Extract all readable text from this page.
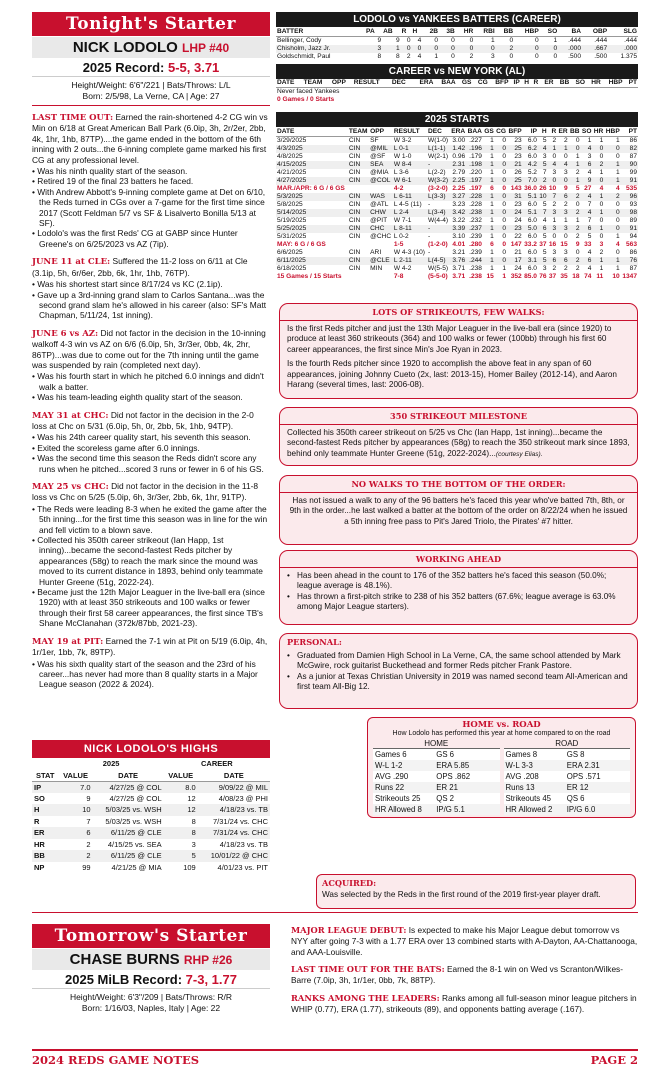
Tonight's Starter
NICK LODOLO LHP #40
2025 Record: 5-5, 3.71
Height/Weight: 6'6"/221 | Bats/Throws: L/L
Born: 2/5/98, La Verne, CA | Age: 27

LAST TIME OUT: Earned the rain-shortened 4-2 CG win vs Min on 6/18 at Great American Ball Park (6.0ip, 3h, 2r/2er, 2bb, 4k, 1hr, 1hb, 87TP)....the game ended in the bottom of the 6th inning with 2 outs...the 6-inning complete game marked his first CG at any professional level.

• Was his ninth quality start of the season.
• Retired 19 of the final 23 batters he faced.
• With Andrew Abbott's 9-inning complete game at Det on 6/10, the Reds turned in CGs over a 7-game for the first time since 2017 (Scott Feldman 5/7 vs SF & Lisalverto Bonilla 5/13 at SF).
• Lodolo's was the first Reds' CG at GABP since Hunter Greene's on 6/25/2023 vs AZ (7ip).

JUNE 11 at CLE: Suffered the 11-2 loss on 6/11 at Cle (3.1ip, 5h, 6r/6er, 2bb, 6k, 1hr, 1hb, 76TP).

• Was his shortest start since 8/17/24 vs KC (2.1ip).
• Gave up a 3rd-inning grand slam to Carlos Santana...was the second grand slam he's allowed in his career (also: SF's Matt Chapman, 5/11/24, 1st inning).

JUNE 6 vs AZ: Did not factor in the decision in the 10-inning walkoff 4-3 win vs AZ on 6/6 (6.0ip, 5h, 3r/3er, 0bb, 4k, 2hr, 86TP)...was due to come out for the 7th inning until the game was suspended by rain (completed next day).

• Was his fourth start in which he pitched 6.0 innings and didn't walk a batter.
• Was his team-leading eighth quality start of the season.

MAY 31 at CHC: Did not factor in the decision in the 2-0 loss at Chc on 5/31 (6.0ip, 5h, 0r, 2bb, 5k, 1hb, 94TP).

• Was his 24th career quality start, his seventh this season.
• Exited the scoreless game after 6.0 innings.
• Was the second time this season the Reds didn't score any runs when he pitched...scored 3 runs or fewer in 6 of his GS.

MAY 25 vs CHC: Did not factor in the decision in the 11-8 loss vs Chc on 5/25 (5.0ip, 6h, 3r/3er, 2bb, 6k, 1hr, 91TP).

• The Reds were leading 8-3 when he exited the game after the 5th inning...for the first time this season was in line for the win and fell victim to a blown save.
• Collected his 350th career strikeout (Ian Happ, 1st inning)...became the second-fastest Reds pitcher by appearances (58g) to reach the mark since the mound was moved to its current distance in 1893, behind only teammate Hunter Greene (51g, 2022-24).
• Became just the 12th Major Leaguer in the live-ball era (since 1920) with at least 350 strikeouts and 100 walks or fewer through their first 58 career appearances, the first since TB's Shane McClanahan (372k/87bb, 2021-23).

MAY 19 at PIT: Earned the 7-1 win at Pit on 5/19 (6.0ip, 4h, 1r/1er, 1bb, 7k, 89TP).

• Was his sixth quality start of the season and the 23rd of his career...has never had more than 8 quality starts in a Major League season (2022 & 2024).
NICK LODOLO'S HIGHS
	2025		CAREER	
STAT	VALUE	DATE	VALUE	DATE
IP	7.0	4/27/25 @ COL	8.0	9/09/22 @ MIL
SO	9	4/27/25 @ COL	12	4/08/23 @ PHI
H	10	5/03/25 vs. WSH	12	4/18/23 vs. TB
R	7	5/03/25 vs. WSH	8	7/31/24 vs. CHC
ER	6	6/11/25 @ CLE	8	7/31/24 vs. CHC
HR	2	4/15/25 vs. SEA	3	4/18/23 vs. TB
BB	2	6/11/25 @ CLE	5	10/01/22 @ CHC
NP	99	4/21/25 @ MIA	109	4/01/23 vs. PIT
LODOLO vs YANKEES BATTERS (CAREER)
BATTER	PA	AB	R	H	2B	3B	HR	RBI	BB	HBP	SO	BA	OBP	SLG
Bellinger, Cody	9	9	0	4	0	0	0	1	0	0	1	.444	.444	.444
Chisholm, Jazz Jr.	3	1	0	0	0	0	0	0	2	0	0	.000	.667	.000
Goldschmidt, Paul	8	8	2	4	1	0	2	3	0	0	0	.500	.500	1.375
CAREER vs NEW YORK (AL)
DATE	TEAM	OPP	RESULT	DEC	ERA	BAA	GS	CG	BFP	IP	H	R	ER	BB	SO	HR	HBP	PT
Never faced Yankees
0 Games / 0 Starts
2025 STARTS
DATE	TEAM	OPP	RESULT	DEC	ERA	BAA	GS	CG	BFP	IP	H	R	ER	BB	SO	HR	HBP	PT
3/29/2025	CIN	SF	W 3-2	W(1-0)	3.00	.227	1	0	23	6.0	5	2	2	0	1	1	1	86
4/3/2025	CIN	@MIL	L 0-1	L(1-1)	1.42	.196	1	0	25	6.2	4	1	1	0	4	0	0	82
4/8/2025	CIN	@SF	W 1-0	W(2-1)	0.96	.179	1	0	23	6.0	3	0	0	1	3	0	0	87
4/15/2025	CIN	SEA	W 8-4	-	2.31	.198	1	0	21	4.2	5	4	4	1	6	2	1	90
4/21/2025	CIN	@MIA	L 3-6	L(2-2)	2.79	.220	1	0	26	5.2	7	3	3	2	4	1	1	99
4/27/2025	CIN	@COL	W 6-1	W(3-2)	2.25	.197	1	0	25	7.0	2	0	0	1	9	0	1	91
MAR./APR: 6 G / 6 GS			4-2	(3-2-0)	2.25	.197	6	0	143	36.0	26	10	9	5	27	4	4	535
5/3/2025	CIN	WAS	L 6-11	L(3-3)	3.27	.228	1	0	31	5.1	10	7	6	2	4	1	2	96
5/8/2025	CIN	@ATL	L 4-5 (11)	-	3.23	.228	1	0	23	6.0	5	2	2	0	7	0	0	93
5/14/2025	CIN	CHW	L 2-4	L(3-4)	3.42	.238	1	0	24	5.1	7	3	3	2	4	1	0	98
5/19/2025	CIN	@PIT	W 7-1	W(4-4)	3.22	.232	1	0	24	6.0	4	1	1	1	7	0	0	89
5/25/2025	CIN	CHC	L 8-11	-	3.39	.237	1	0	23	5.0	6	3	3	2	6	1	0	91
5/31/2025	CIN	@CHC	L 0-2	-	3.10	.239	1	0	22	6.0	5	0	0	2	5	0	1	94
MAY: 6 G / 6 GS			1-5	(1-2-0)	4.01	.280	6	0	147	33.2	37	16	15	9	33	3	4	563
6/6/2025	CIN	ARI	W 4-3 (10)	-	3.21	.239	1	0	21	6.0	5	3	3	0	4	2	0	86
6/11/2025	CIN	@CLE	L 2-11	L(4-5)	3.76	.244	1	0	17	3.1	5	6	6	2	6	1	1	76
6/18/2025	CIN	MIN	W 4-2	W(5-5)	3.71	.238	1	1	24	6.0	3	2	2	2	4	1	1	87
15 Games / 15 Starts			7-8	(5-5-0)	3.71	.238	15	1	352	85.0	76	37	35	18	74	11	10	1347
LOTS OF STRIKEOUTS, FEW WALKS:

Is the first Reds pitcher and just the 13th Major Leaguer in the live-ball era (since 1920) to produce at least 360 strikeouts (364) and 100 walks or fewer (100bb) through his first 60 career appearances, the first since Min's Joe Ryan in 2023.

Is the fourth Reds pitcher since 1920 to accomplish the above feat in any span of 60 appearances, joining Johnny Cueto (2x, last: 2013-15), Homer Bailey (2012-14), and Aaron Harang (several times, last: 2006-08).

350 STRIKEOUT MILESTONE

Collected his 350th career strikeout on 5/25 vs Chc (Ian Happ, 1st inning)...became the second-fastest Reds pitcher by appearances (58g) to reach the 350 strikeout mark since 1893, behind only teammate Hunter Greene (51g, 2022-2024)...(courtesy Elias).

NO WALKS TO THE BOTTOM OF THE ORDER:

Has not issued a walk to any of the 96 batters he's faced this year who've batted 7th, 8th, or 9th in the order...he last walked a batter at the bottom of the order on 8/22/24 when he issued a 5th inning free pass to Pit's Jared Triolo, the Pirates' #7 hitter.

WORKING AHEAD
• Has been ahead in the count to 176 of the 352 batters he's faced this season (50.0%; league average is 48.1%).
• Has thrown a first-pitch strike to 238 of his 352 batters (67.6%; league average is 63.0% among Major League starters).
PERSONAL:
• Graduated from Damien High School in La Verne, CA, the same school attended by Mark McGwire, rock guitarist Buckethead and former Reds pitcher Frank Pastore.
• As a junior at Texas Christian University in 2019 was named second team All-American and first team All-Big 12.
HOME vs. ROAD
How Lodolo has performed this year at home compared to on the road
HOME
Games 6	GS 6
W-L 1-2	ERA 5.85
AVG .290	OPS .862
Runs 22	ER 21
Strikeouts 25	QS 2
HR Allowed 8	IP/G 5.1
ROAD
Games 8	GS 8
W-L 3-3	ERA 2.31
AVG .208	OPS .571
Runs 13	ER 12
Strikeouts 45	QS 6
HR Allowed 2	IP/G 6.0
ACQUIRED:
Was selected by the Reds in the first round of the 2019 first-year player draft.
Tomorrow's Starter
CHASE BURNS RHP #26
2025 MiLB Record: 7-3, 1.77
Height/Weight: 6'3"/209 | Bats/Throws: R/R
Born: 1/16/03, Naples, Italy | Age: 22

MAJOR LEAGUE DEBUT: Is expected to make his Major League debut tomorrow vs NYY after going 7-3 with a 1.77 ERA over 13 combined starts with A-Dayton, AA-Chattanooga, and AAA-Louisville.

LAST TIME OUT FOR THE BATS: Earned the 8-1 win on Wed vs Scranton/Wilkes-Barre (7.0ip, 3h, 1r/1er, 0bb, 7k, 88TP).

RANKS AMONG THE LEADERS: Ranks among all full-season minor league pitchers in WHIP (0.77), ERA (1.77), strikeouts (89), and opponents batting average (.167).

2024 REDS GAME NOTES	PAGE 2
